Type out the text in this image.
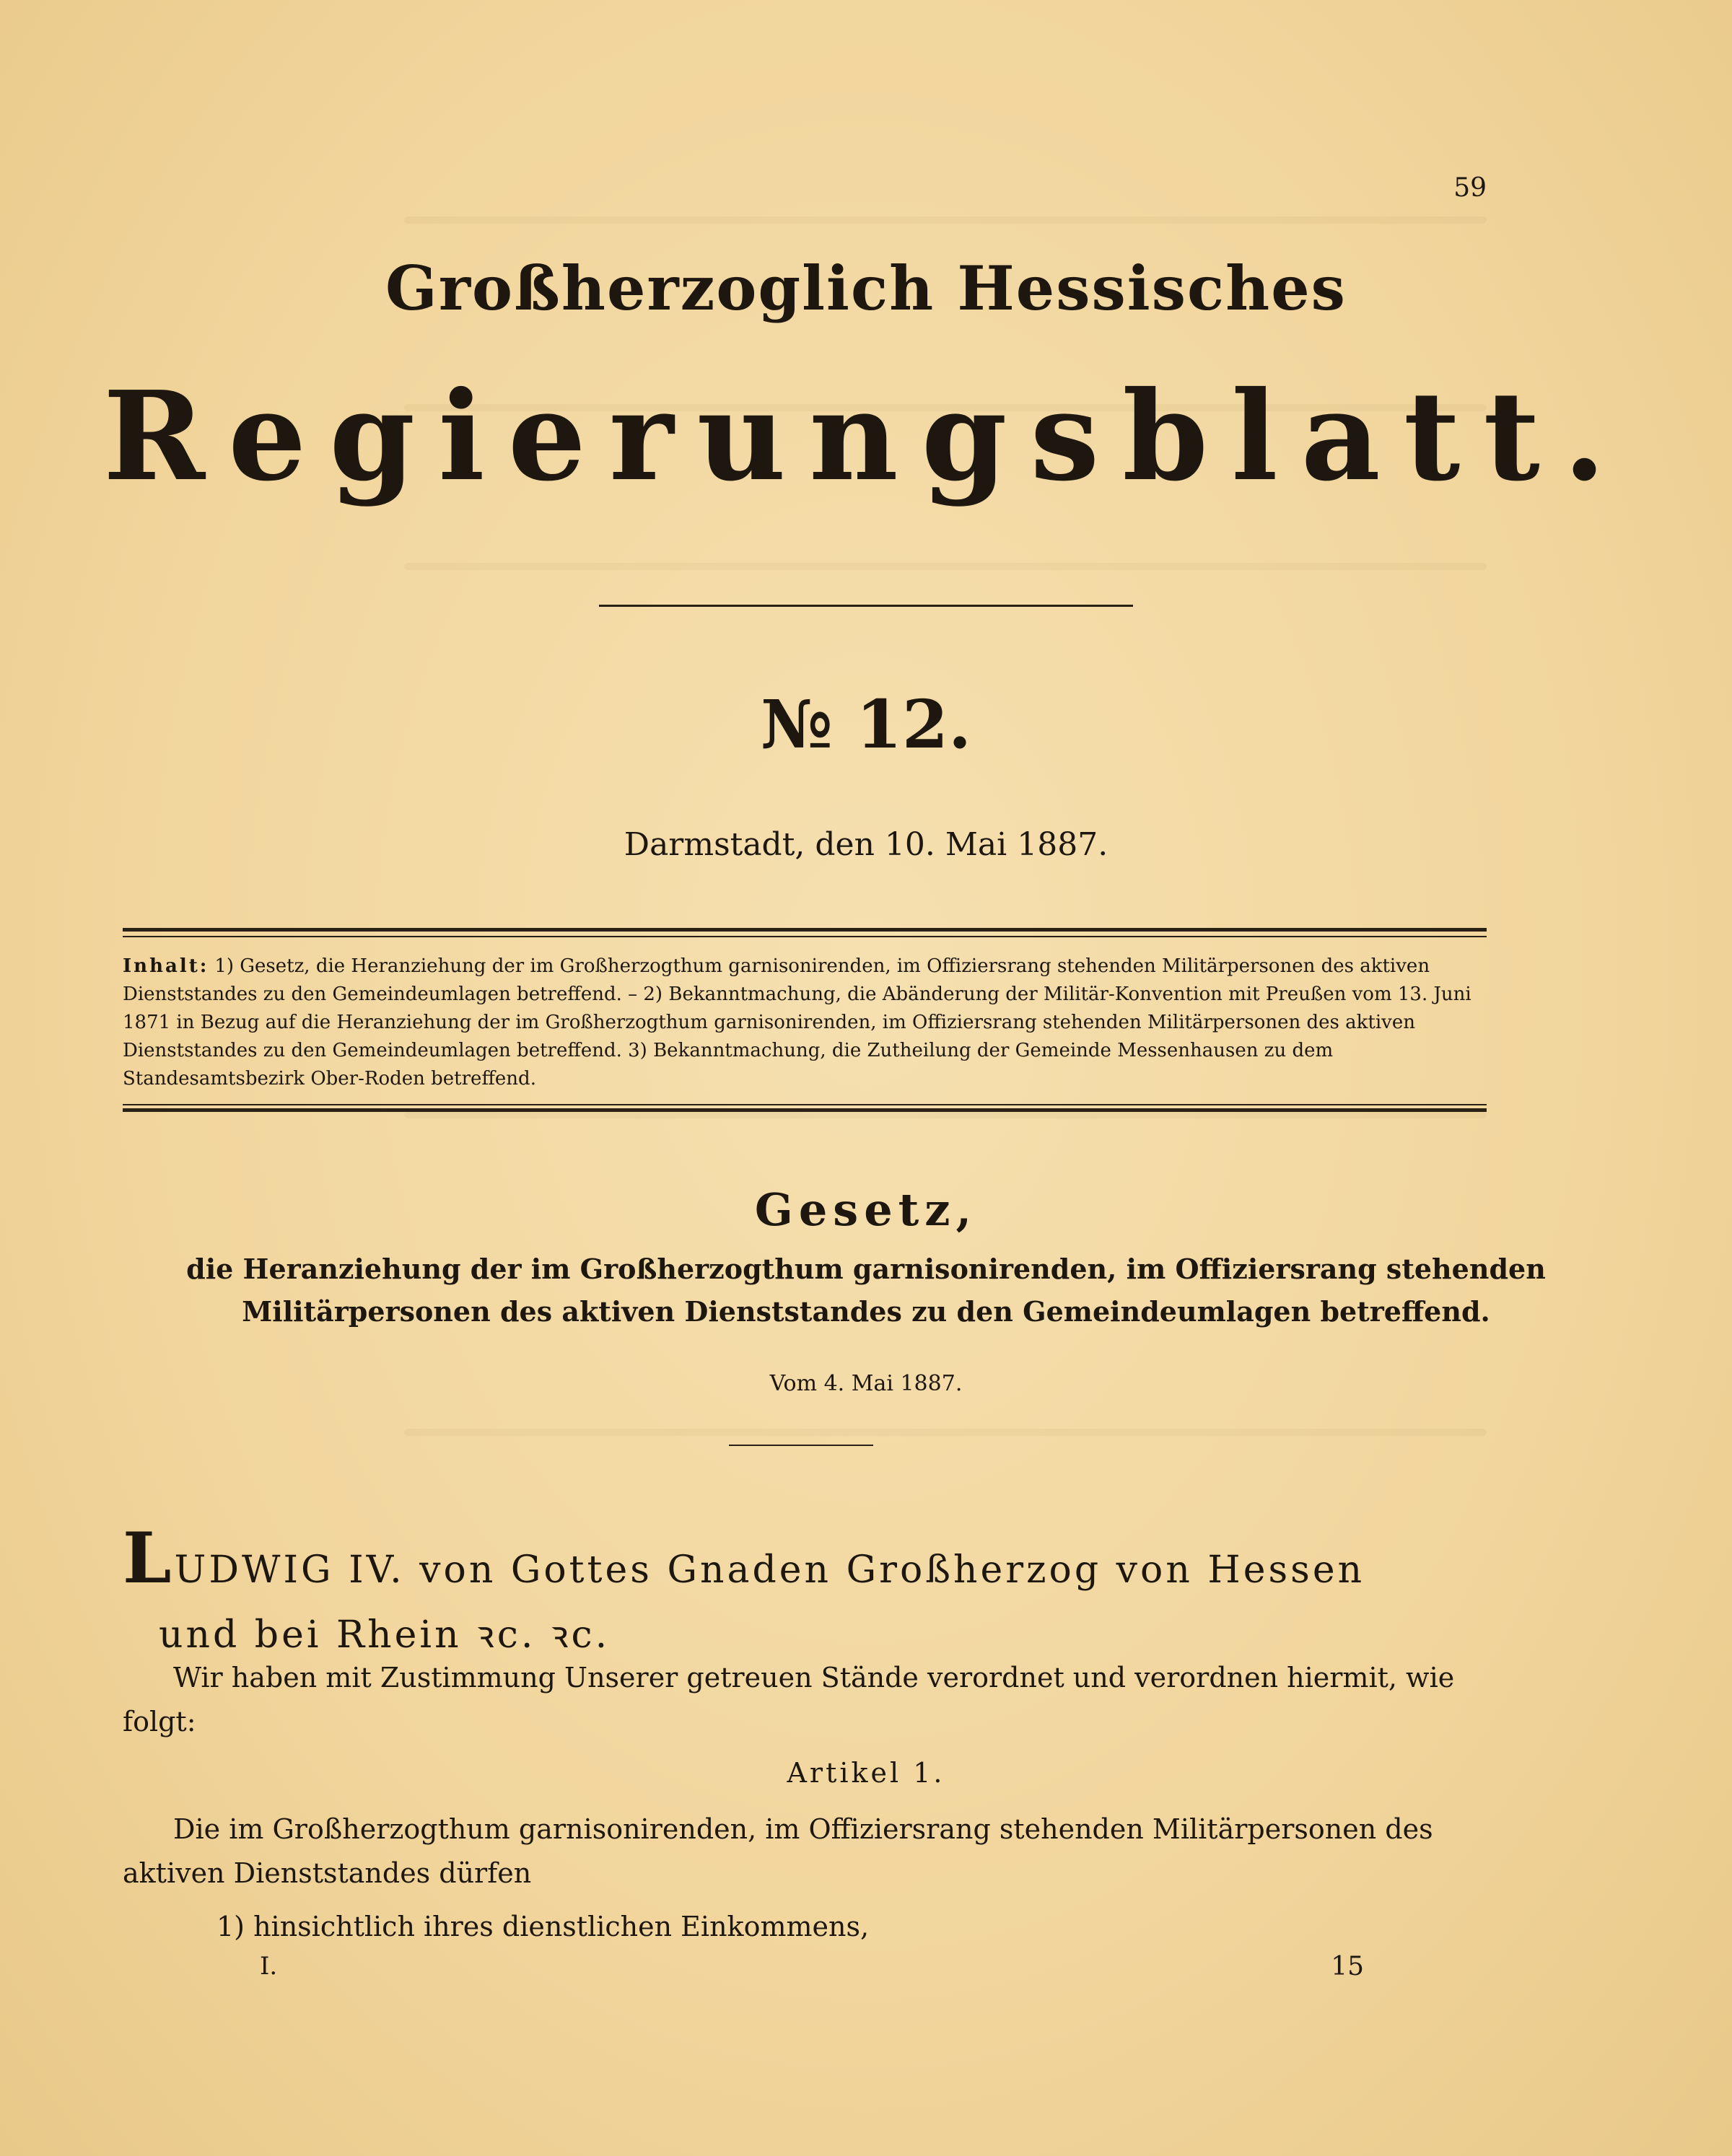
59
Großherzoglich Hessisches
Regierungsblatt.
№ 12.
Darmstadt, den 10. Mai 1887.
Inhalt: 1) Gesetz, die Heranziehung der im Großherzogthum garnisonirenden, im Offiziersrang stehenden Militärpersonen des aktiven Dienststandes zu den Gemeindeumlagen betreffend. – 2) Bekanntmachung, die Abänderung der Militär-Konvention mit Preußen vom 13. Juni 1871 in Bezug auf die Heranziehung der im Großherzogthum garnisonirenden, im Offiziersrang stehenden Militärpersonen des aktiven Dienststandes zu den Gemeindeumlagen betreffend. 3) Bekanntmachung, die Zutheilung der Gemeinde Messenhausen zu dem Standesamtsbezirk Ober-Roden betreffend.
Gesetz,
die Heranziehung der im Großherzogthum garnisonirenden, im Offiziersrang stehenden Militärpersonen des aktiven Dienststandes zu den Gemeindeumlagen betreffend.
Vom 4. Mai 1887.
LUDWIG IV. von Gottes Gnaden Großherzog von Hessen
und bei Rhein ꝛc. ꝛc.
Wir haben mit Zustimmung Unserer getreuen Stände verordnet und verordnen hiermit, wie folgt:
Artikel 1.
Die im Großherzogthum garnisonirenden, im Offiziersrang stehenden Militärpersonen des aktiven Dienststandes dürfen
1) hinsichtlich ihres dienstlichen Einkommens,
I.	15
